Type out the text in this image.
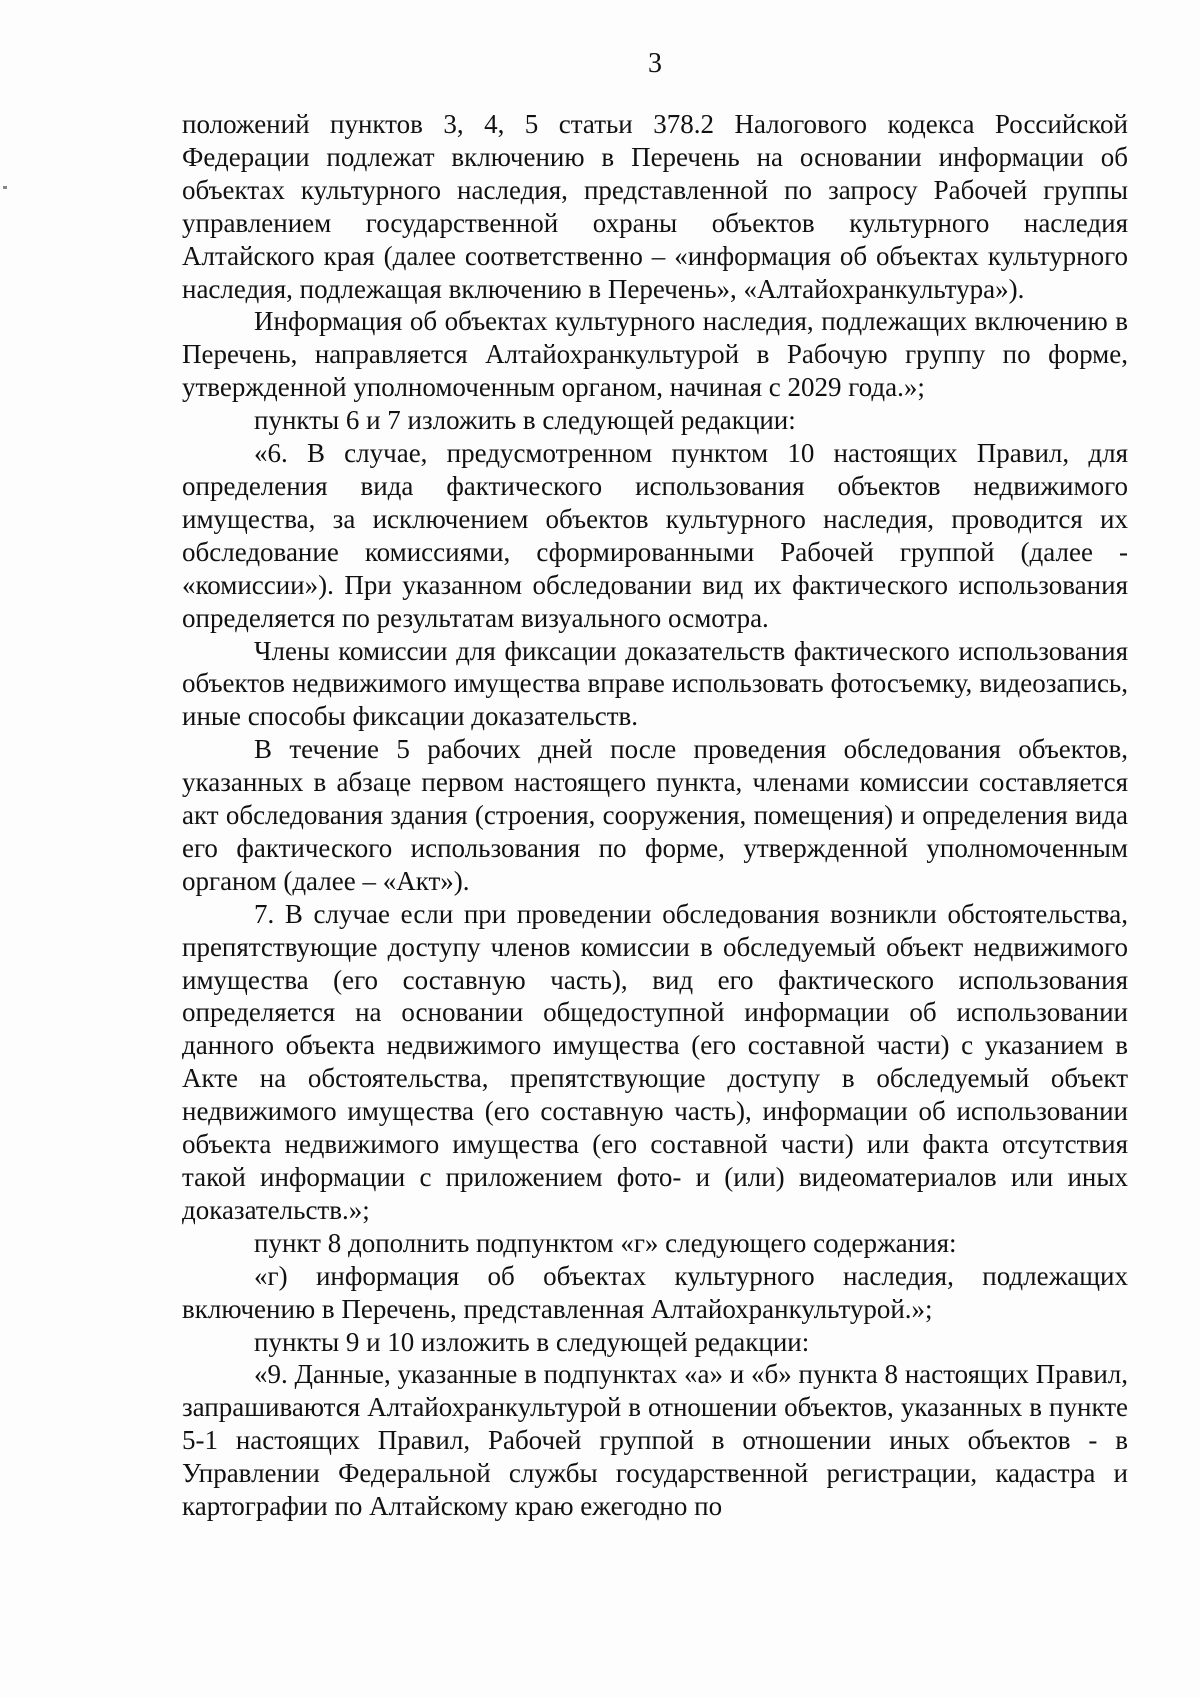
3

положений пунктов 3, 4, 5 статьи 378.2 Налогового кодекса Российской Федерации подлежат включению в Перечень на основании информации об объектах культурного наследия, представленной по запросу Рабочей группы управлением государственной охраны объектов культурного наследия Алтайского края (далее соответственно – «информация об объектах культурного наследия, подлежащая включению в Перечень», «Алтайохранкультура»).

Информация об объектах культурного наследия, подлежащих включению в Перечень, направляется Алтайохранкультурой в Рабочую группу по форме, утвержденной уполномоченным органом, начиная с 2029 года.»;

пункты 6 и 7 изложить в следующей редакции:

«6. В случае, предусмотренном пунктом 10 настоящих Правил, для определения вида фактического использования объектов недвижимого имущества, за исключением объектов культурного наследия, проводится их обследование комиссиями, сформированными Рабочей группой (далее - «комиссии»). При указанном обследовании вид их фактического использования определяется по результатам визуального осмотра.

Члены комиссии для фиксации доказательств фактического использования объектов недвижимого имущества вправе использовать фотосъемку, видеозапись, иные способы фиксации доказательств.

В течение 5 рабочих дней после проведения обследования объектов, указанных в абзаце первом настоящего пункта, членами комиссии составляется акт обследования здания (строения, сооружения, помещения) и определения вида его фактического использования по форме, утвержденной уполномоченным органом (далее – «Акт»).

7. В случае если при проведении обследования возникли обстоятельства, препятствующие доступу членов комиссии в обследуемый объект недвижимого имущества (его составную часть), вид его фактического использования определяется на основании общедоступной информации об использовании данного объекта недвижимого имущества (его составной части) с указанием в Акте на обстоятельства, препятствующие доступу в обследуемый объект недвижимого имущества (его составную часть), информации об использовании объекта недвижимого имущества (его составной части) или факта отсутствия такой информации с приложением фото- и (или) видеоматериалов или иных доказательств.»;

пункт 8 дополнить подпунктом «г» следующего содержания:

«г) информация об объектах культурного наследия, подлежащих включению в Перечень, представленная Алтайохранкультурой.»;

пункты 9 и 10 изложить в следующей редакции:

«9. Данные, указанные в подпунктах «а» и «б» пункта 8 настоящих Правил, запрашиваются Алтайохранкультурой в отношении объектов, указанных в пункте 5-1 настоящих Правил, Рабочей группой в отношении иных объектов - в Управлении Федеральной службы государственной регистрации, кадастра и картографии по Алтайскому краю ежегодно по
